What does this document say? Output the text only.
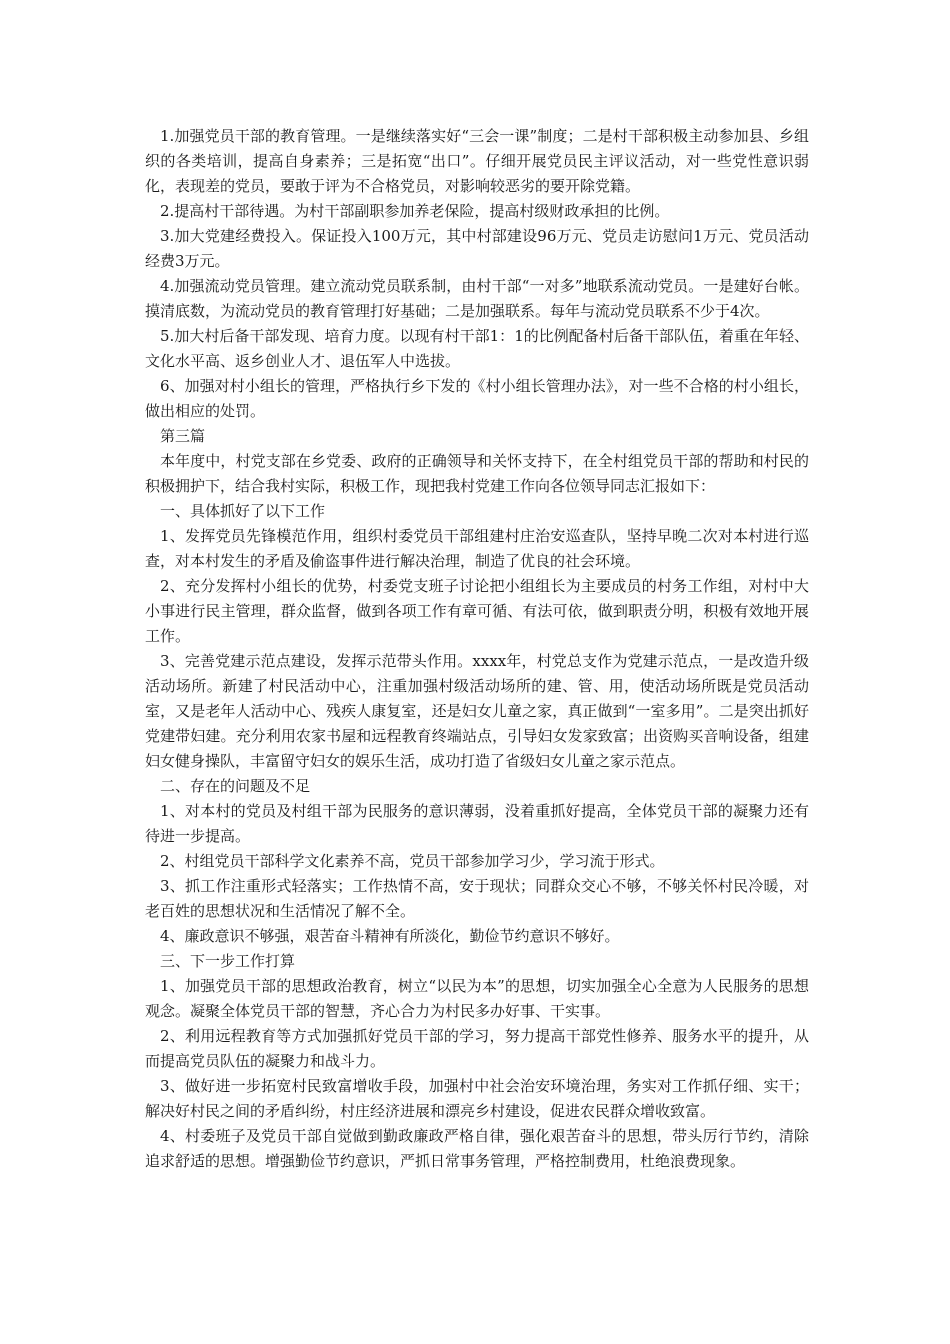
1.加强党员干部的教育管理。一是继续落实好“三会一课”制度；二是村干部积极主动参加县、乡组织的各类培训，提高自身素养；三是拓宽“出口”。仔细开展党员民主评议活动，对一些党性意识弱化，表现差的党员，要敢于评为不合格党员，对影响较恶劣的要开除党籍。

2.提高村干部待遇。为村干部副职参加养老保险，提高村级财政承担的比例。

3.加大党建经费投入。保证投入100万元，其中村部建设96万元、党员走访慰问1万元、党员活动经费3万元。

4.加强流动党员管理。建立流动党员联系制，由村干部“一对多”地联系流动党员。一是建好台帐。摸清底数，为流动党员的教育管理打好基础；二是加强联系。每年与流动党员联系不少于4次。

5.加大村后备干部发现、培育力度。以现有村干部1：1的比例配备村后备干部队伍，着重在年轻、文化水平高、返乡创业人才、退伍军人中选拔。

6、加强对村小组长的管理，严格执行乡下发的《村小组长管理办法》，对一些不合格的村小组长，做出相应的处罚。

第三篇

本年度中，村党支部在乡党委、政府的正确领导和关怀支持下，在全村组党员干部的帮助和村民的积极拥护下，结合我村实际，积极工作，现把我村党建工作向各位领导同志汇报如下：

一、具体抓好了以下工作

1、发挥党员先锋模范作用，组织村委党员干部组建村庄治安巡查队，坚持早晚二次对本村进行巡查，对本村发生的矛盾及偷盗事件进行解决治理，制造了优良的社会环境。

2、充分发挥村小组长的优势，村委党支班子讨论把小组组长为主要成员的村务工作组，对村中大小事进行民主管理，群众监督，做到各项工作有章可循、有法可依，做到职责分明，积极有效地开展工作。

3、完善党建示范点建设，发挥示范带头作用。xxxx年，村党总支作为党建示范点，一是改造升级活动场所。新建了村民活动中心，注重加强村级活动场所的建、管、用，使活动场所既是党员活动室，又是老年人活动中心、残疾人康复室，还是妇女儿童之家，真正做到“一室多用”。二是突出抓好党建带妇建。充分利用农家书屋和远程教育终端站点，引导妇女发家致富；出资购买音响设备，组建妇女健身操队，丰富留守妇女的娱乐生活，成功打造了省级妇女儿童之家示范点。

二、存在的问题及不足

1、对本村的党员及村组干部为民服务的意识薄弱，没着重抓好提高，全体党员干部的凝聚力还有待进一步提高。

2、村组党员干部科学文化素养不高，党员干部参加学习少，学习流于形式。

3、抓工作注重形式轻落实；工作热情不高，安于现状；同群众交心不够，不够关怀村民冷暖，对老百姓的思想状况和生活情况了解不全。

4、廉政意识不够强，艰苦奋斗精神有所淡化，勤俭节约意识不够好。

三、下一步工作打算

1、加强党员干部的思想政治教育，树立“以民为本”的思想，切实加强全心全意为人民服务的思想观念。凝聚全体党员干部的智慧，齐心合力为村民多办好事、干实事。

2、利用远程教育等方式加强抓好党员干部的学习，努力提高干部党性修养、服务水平的提升，从而提高党员队伍的凝聚力和战斗力。

3、做好进一步拓宽村民致富增收手段，加强村中社会治安环境治理，务实对工作抓仔细、实干；解决好村民之间的矛盾纠纷，村庄经济进展和漂亮乡村建设，促进农民群众增收致富。

4、村委班子及党员干部自觉做到勤政廉政严格自律，强化艰苦奋斗的思想，带头厉行节约，清除追求舒适的思想。增强勤俭节约意识，严抓日常事务管理，严格控制费用，杜绝浪费现象。
